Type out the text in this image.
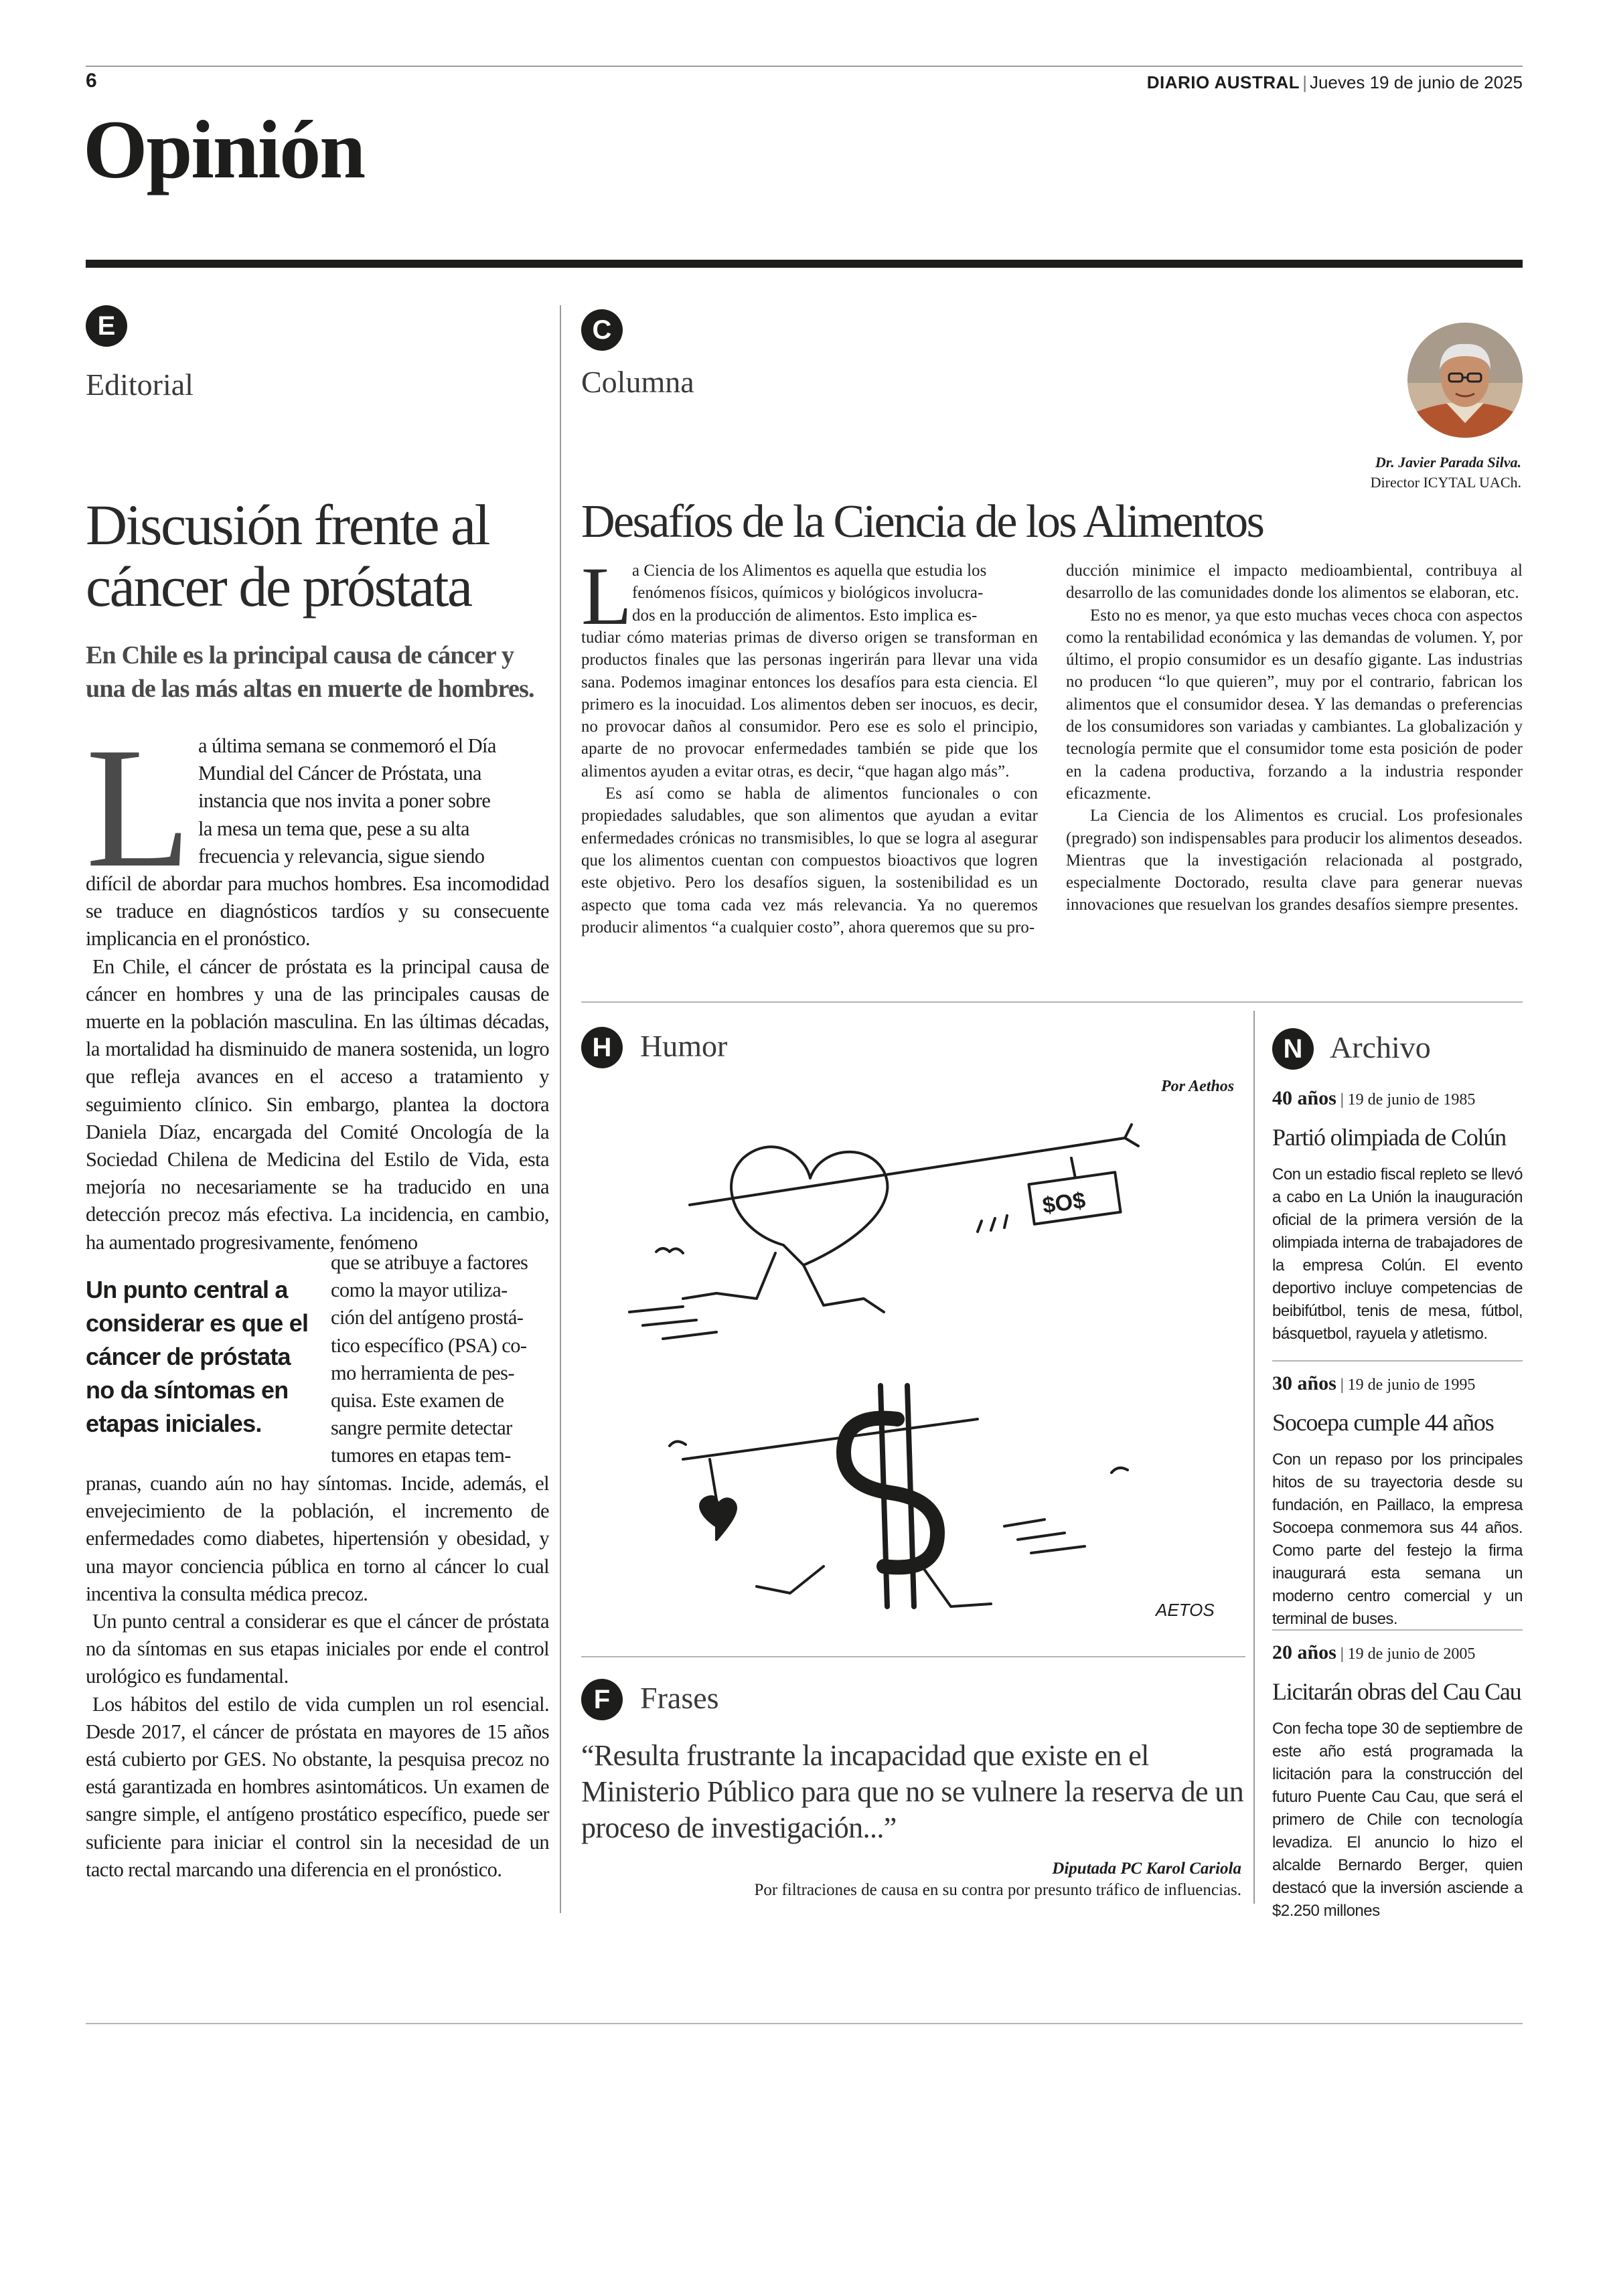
6	DIARIO AUSTRAL | Jueves 19 de junio de 2025
Opinión
E
Editorial
Discusión frente al cáncer de próstata
En Chile es la principal causa de cáncer y una de las más altas en muerte de hombres.
L a última semana se conmemoró el Día
Mundial del Cáncer de Próstata, una
instancia que nos invita a poner sobre
la mesa un tema que, pese a su alta
frecuencia y relevancia, sigue siendo

difícil de abordar para muchos hombres. Esa incomodidad se traduce en diagnósticos tardíos y su consecuente implicancia en el pronóstico.

En Chile, el cáncer de próstata es la principal causa de cáncer en hombres y una de las principales causas de muerte en la población masculina. En las últimas décadas, la mortalidad ha disminuido de manera sostenida, un logro que refleja avances en el acceso a tratamiento y seguimiento clínico. Sin embargo, plantea la doctora Daniela Díaz, encargada del Comité Oncología de la Sociedad Chilena de Medicina del Estilo de Vida, esta mejoría no necesariamente se ha traducido en una detección precoz más efectiva. La incidencia, en cambio, ha aumentado progresivamente, fenómeno

Un punto central a considerar es que el cáncer de próstata no da síntomas en etapas iniciales.
que se atribuye a factores
como la mayor utiliza-
ción del antígeno prostá-
tico específico (PSA) co-
mo herramienta de pes-
quisa. Este examen de
sangre permite detectar
tumores en etapas tem-

pranas, cuando aún no hay síntomas. Incide, además, el envejecimiento de la población, el incremento de enfermedades como diabetes, hipertensión y obesidad, y una mayor conciencia pública en torno al cáncer lo cual incentiva la consulta médica precoz.

Un punto central a considerar es que el cáncer de próstata no da síntomas en sus etapas iniciales por ende el control urológico es fundamental.

Los hábitos del estilo de vida cumplen un rol esencial. Desde 2017, el cáncer de próstata en mayores de 15 años está cubierto por GES. No obstante, la pesquisa precoz no está garantizada en hombres asintomáticos. Un examen de sangre simple, el antígeno prostático específico, puede ser suficiente para iniciar el control sin la necesidad de un tacto rectal marcando una diferencia en el pronóstico.

C
Columna
Dr. Javier Parada Silva.
Director ICYTAL UACh.
Desafíos de la Ciencia de los Alimentos
L a Ciencia de los Alimentos es aquella que estudia los
fenómenos físicos, químicos y biológicos involucra-
dos en la producción de alimentos. Esto implica es-

tudiar cómo materias primas de diverso origen se transforman en productos finales que las personas ingerirán para llevar una vida sana. Podemos imaginar entonces los desafíos para esta ciencia. El primero es la inocuidad. Los alimentos deben ser inocuos, es decir, no provocar daños al consumidor. Pero ese es solo el principio, aparte de no provocar enfermedades también se pide que los alimentos ayuden a evitar otras, es decir, “que hagan algo más”.

Es así como se habla de alimentos funcionales o con propiedades saludables, que son alimentos que ayudan a evitar enfermedades crónicas no transmisibles, lo que se logra al asegurar que los alimentos cuentan con compuestos bioactivos que logren este objetivo. Pero los desafíos siguen, la sostenibilidad es un aspecto que toma cada vez más relevancia. Ya no queremos producir alimentos “a cualquier costo”, ahora queremos que su pro-

ducción minimice el impacto medioambiental, contribuya al desarrollo de las comunidades donde los alimentos se elaboran, etc.

Esto no es menor, ya que esto muchas veces choca con aspectos como la rentabilidad económica y las demandas de volumen. Y, por último, el propio consumidor es un desafío gigante. Las industrias no producen “lo que quieren”, muy por el contrario, fabrican los alimentos que el consumidor desea. Y las demandas o preferencias de los consumidores son variadas y cambiantes. La globalización y tecnología permite que el consumidor tome esta posición de poder en la cadena productiva, forzando a la industria responder eficazmente.

La Ciencia de los Alimentos es crucial. Los profesionales (pregrado) son indispensables para producir los alimentos deseados. Mientras que la investigación relacionada al postgrado, especialmente Doctorado, resulta clave para generar nuevas innovaciones que resuelvan los grandes desafíos siempre presentes.

H Humor
Por Aethos
$O$
AETOS
F Frases
“Resulta frustrante la incapacidad que existe en el Ministerio Público para que no se vulnere la reserva de un proceso de investigación...”
Diputada PC Karol Cariola
Por filtraciones de causa en su contra por presunto tráfico de influencias.
N Archivo
40 años | 19 de junio de 1985
Partió olimpiada de Colún
Con un estadio fiscal repleto se llevó a cabo en La Unión la inauguración oficial de la primera versión de la olimpiada interna de trabajadores de la empresa Colún. El evento deportivo incluye competencias de beibifútbol, tenis de mesa, fútbol, básquetbol, rayuela y atletismo.
30 años | 19 de junio de 1995
Socoepa cumple 44 años
Con un repaso por los principales hitos de su trayectoria desde su fundación, en Paillaco, la empresa Socoepa conmemora sus 44 años. Como parte del festejo la firma inaugurará esta semana un moderno centro comercial y un terminal de buses.
20 años | 19 de junio de 2005
Licitarán obras del Cau Cau
Con fecha tope 30 de septiembre de este año está programada la licitación para la construcción del futuro Puente Cau Cau, que será el primero de Chile con tecnología levadiza. El anuncio lo hizo el alcalde Bernardo Berger, quien destacó que la inversión asciende a $2.250 millones
